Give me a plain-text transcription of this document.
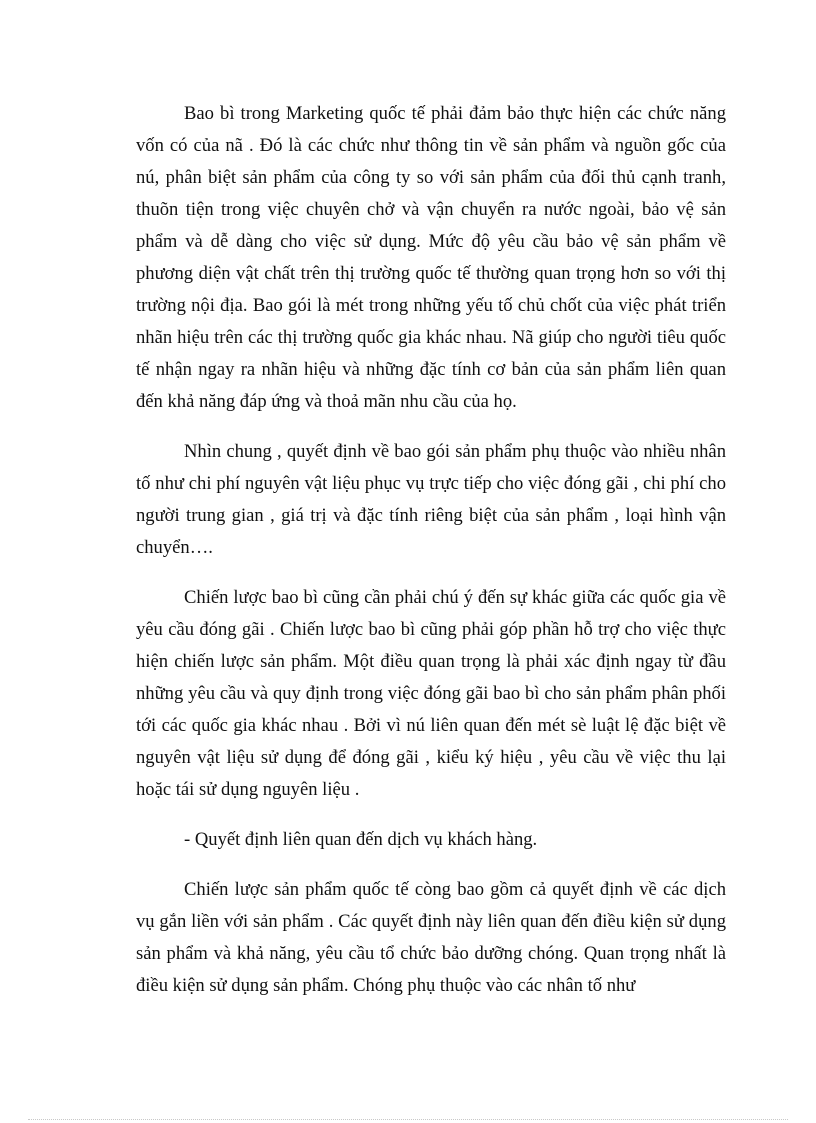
Bao bì trong Marketing quốc tế phải đảm bảo thực hiện các chức năng vốn có của nã . Đó là các chức như thông tin về sản phẩm và nguồn gốc của nú, phân biệt sản phẩm của công ty so với sản phẩm của đối thủ cạnh tranh, thuõn tiện trong việc chuyên chở và vận chuyển ra nước ngoài, bảo vệ sản phẩm và dễ dàng cho việc sử dụng. Mức độ yêu cầu bảo vệ sản phẩm về phương diện vật chất trên thị trường quốc tế thường quan trọng hơn so với thị trường nội địa. Bao gói là mét trong những yếu tố chủ chốt của việc phát triển nhãn hiệu trên các thị trường quốc gia khác nhau. Nã giúp cho người tiêu quốc tế nhận ngay ra nhãn hiệu và những đặc tính cơ bản của sản phẩm liên quan đến khả năng đáp ứng và thoả mãn nhu cầu của họ.

Nhìn chung , quyết định về bao gói sản phẩm phụ thuộc vào nhiều nhân tố như chi phí nguyên vật liệu phục vụ trực tiếp cho việc đóng gãi , chi phí cho người trung gian , giá trị và đặc tính riêng biệt của sản phẩm , loại hình vận chuyển….

Chiến lược bao bì cũng cần phải chú ý đến sự khác giữa các quốc gia về yêu cầu đóng gãi . Chiến lược bao bì cũng phải góp phần hỗ trợ cho việc thực hiện chiến lược sản phẩm. Một điều quan trọng là phải xác định ngay từ đầu những yêu cầu và quy định trong việc đóng gãi bao bì cho sản phẩm phân phối tới các quốc gia khác nhau . Bởi vì nú liên quan đến mét sè luật lệ đặc biệt về nguyên vật liệu sử dụng để đóng gãi , kiểu ký hiệu , yêu cầu về việc thu lại hoặc tái sử dụng nguyên liệu .

- Quyết định liên quan đến dịch vụ khách hàng.

Chiến lược sản phẩm quốc tế còng bao gồm cả quyết định về các dịch vụ gắn liền với sản phẩm . Các quyết định này liên quan đến điều kiện sử dụng sản phẩm và khả năng, yêu cầu tổ chức bảo dưỡng chóng. Quan trọng nhất là điều kiện sử dụng sản phẩm. Chóng phụ thuộc vào các nhân tố như
